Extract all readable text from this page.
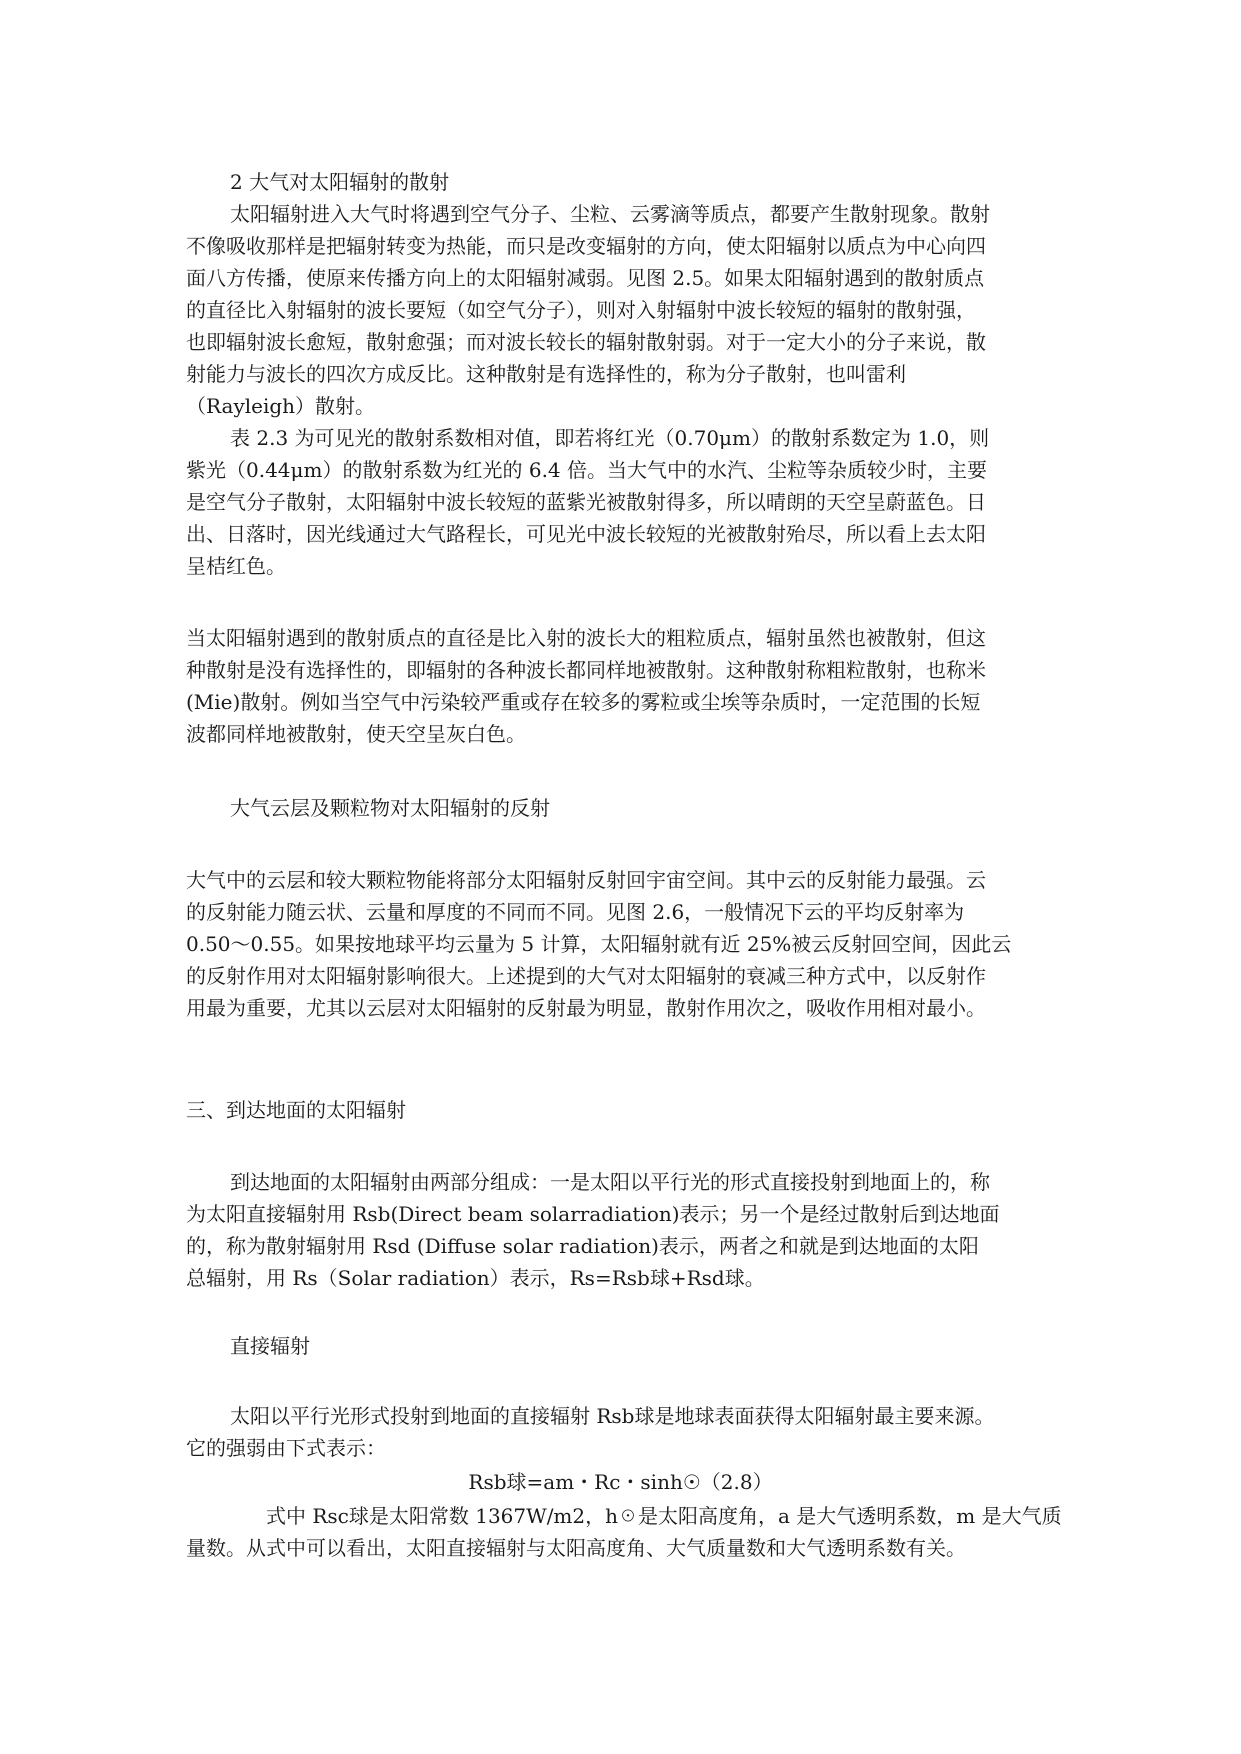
2 大气对太阳辐射的散射
太阳辐射进入大气时将遇到空气分子、尘粒、云雾滴等质点，都要产生散射现象。散射
不像吸收那样是把辐射转变为热能，而只是改变辐射的方向，使太阳辐射以质点为中心向四
面八方传播，使原来传播方向上的太阳辐射减弱。见图 2.5。如果太阳辐射遇到的散射质点
的直径比入射辐射的波长要短（如空气分子），则对入射辐射中波长较短的辐射的散射强，
也即辐射波长愈短，散射愈强；而对波长较长的辐射散射弱。对于一定大小的分子来说，散
射能力与波长的四次方成反比。这种散射是有选择性的，称为分子散射，也叫雷利
（Rayleigh）散射。
表 2.3 为可见光的散射系数相对值，即若将红光（0.70μm）的散射系数定为 1.0，则
紫光（0.44μm）的散射系数为红光的 6.4 倍。当大气中的水汽、尘粒等杂质较少时，主要
是空气分子散射，太阳辐射中波长较短的蓝紫光被散射得多，所以晴朗的天空呈蔚蓝色。日
出、日落时，因光线通过大气路程长，可见光中波长较短的光被散射殆尽，所以看上去太阳
呈桔红色。
当太阳辐射遇到的散射质点的直径是比入射的波长大的粗粒质点，辐射虽然也被散射，但这
种散射是没有选择性的，即辐射的各种波长都同样地被散射。这种散射称粗粒散射，也称米
(Mie)散射。例如当空气中污染较严重或存在较多的雾粒或尘埃等杂质时，一定范围的长短
波都同样地被散射，使天空呈灰白色。
大气云层及颗粒物对太阳辐射的反射
大气中的云层和较大颗粒物能将部分太阳辐射反射回宇宙空间。其中云的反射能力最强。云
的反射能力随云状、云量和厚度的不同而不同。见图 2.6，一般情况下云的平均反射率为
0.50～0.55。如果按地球平均云量为 5 计算，太阳辐射就有近 25%被云反射回空间，因此云
的反射作用对太阳辐射影响很大。上述提到的大气对太阳辐射的衰减三种方式中，以反射作
用最为重要，尤其以云层对太阳辐射的反射最为明显，散射作用次之，吸收作用相对最小。
三、到达地面的太阳辐射
到达地面的太阳辐射由两部分组成：一是太阳以平行光的形式直接投射到地面上的，称
为太阳直接辐射用 Rsb(Direct beam solarradiation)表示；另一个是经过散射后到达地面
的，称为散射辐射用 Rsd (Diffuse solar radiation)表示，两者之和就是到达地面的太阳
总辐射，用 Rs（Solar radiation）表示，Rs=Rsb球+Rsd球。
直接辐射
太阳以平行光形式投射到地面的直接辐射 Rsb球是地球表面获得太阳辐射最主要来源。
它的强弱由下式表示：
Rsb球=am・Rc・sinh☉（2.8）
式中 Rsc球是太阳常数 1367W/m2，h☉是太阳高度角，a 是大气透明系数，m 是大气质
量数。从式中可以看出，太阳直接辐射与太阳高度角、大气质量数和大气透明系数有关。
